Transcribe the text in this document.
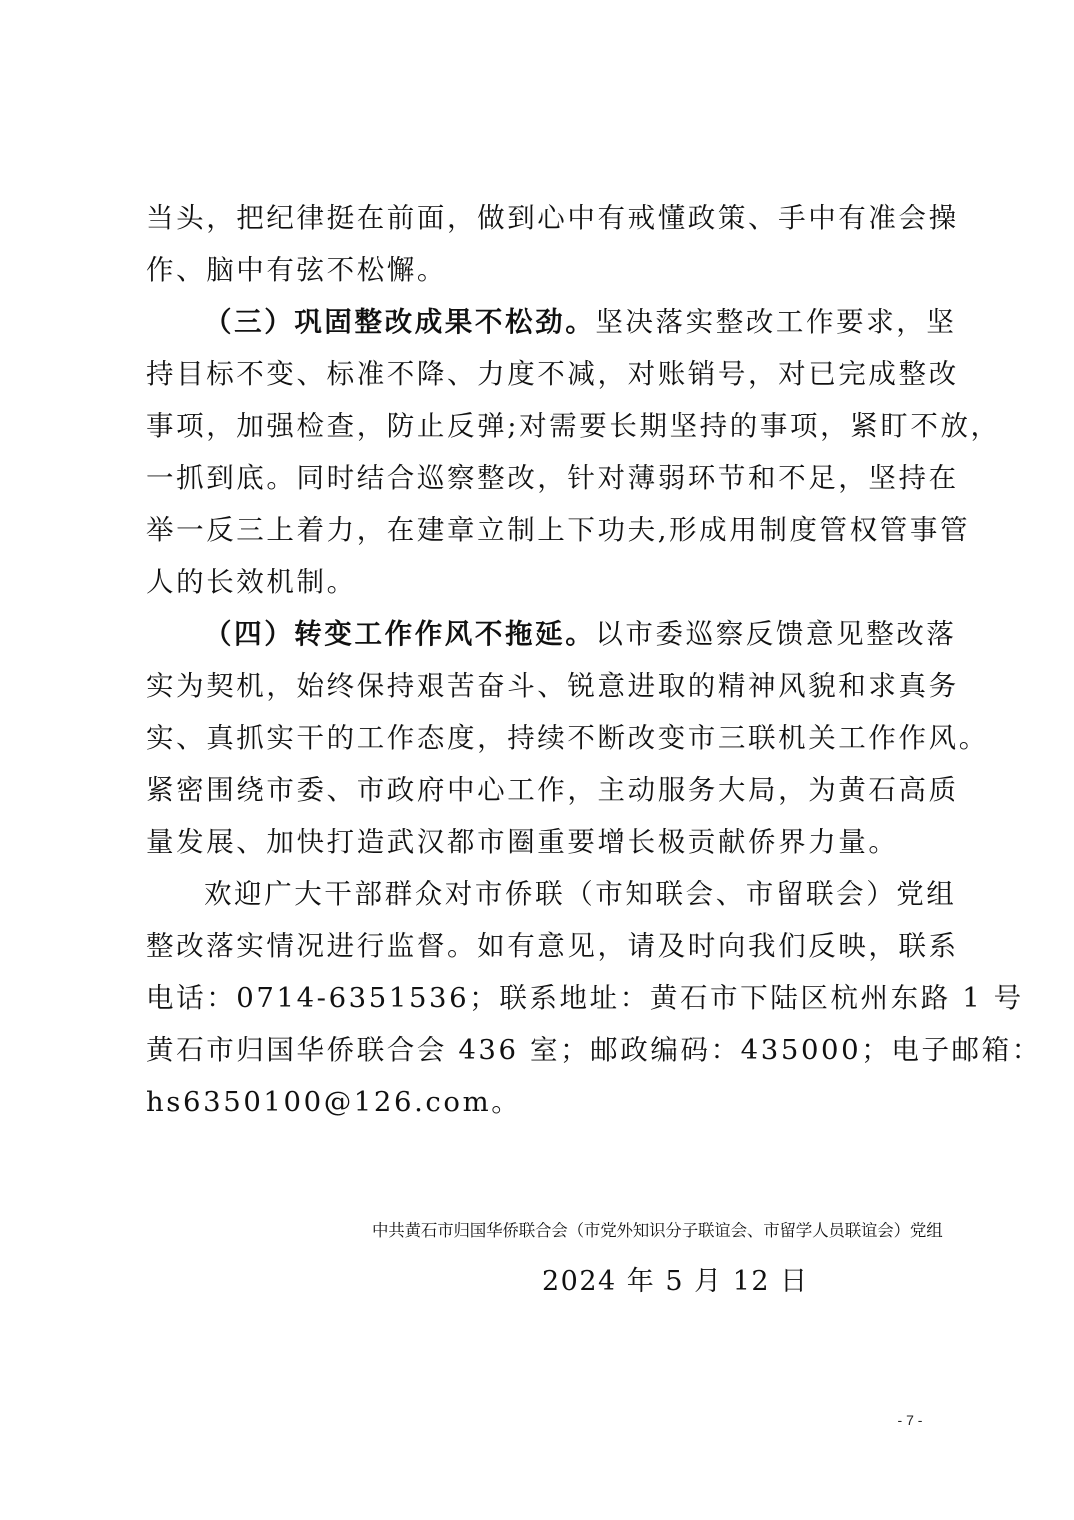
当头，把纪律挺在前面，做到心中有戒懂政策、手中有准会操
作、脑中有弦不松懈。
（三）巩固整改成果不松劲。坚决落实整改工作要求，坚
持目标不变、标准不降、力度不减，对账销号，对已完成整改
事项，加强检查，防止反弹;对需要长期坚持的事项，紧盯不放，
一抓到底。同时结合巡察整改，针对薄弱环节和不足，坚持在
举一反三上着力，在建章立制上下功夫,形成用制度管权管事管
人的长效机制。
（四）转变工作作风不拖延。以市委巡察反馈意见整改落
实为契机，始终保持艰苦奋斗、锐意进取的精神风貌和求真务
实、真抓实干的工作态度，持续不断改变市三联机关工作作风。
紧密围绕市委、市政府中心工作，主动服务大局，为黄石高质
量发展、加快打造武汉都市圈重要增长极贡献侨界力量。
欢迎广大干部群众对市侨联（市知联会、市留联会）党组
整改落实情况进行监督。如有意见，请及时向我们反映，联系
电话：0714-6351536；联系地址：黄石市下陆区杭州东路 1 号
黄石市归国华侨联合会 436 室；邮政编码：435000；电子邮箱：
hs6350100@126.com。
中共黄石市归国华侨联合会（市党外知识分子联谊会、市留学人员联谊会）党组
2024 年 5 月 12 日
- 7 -
